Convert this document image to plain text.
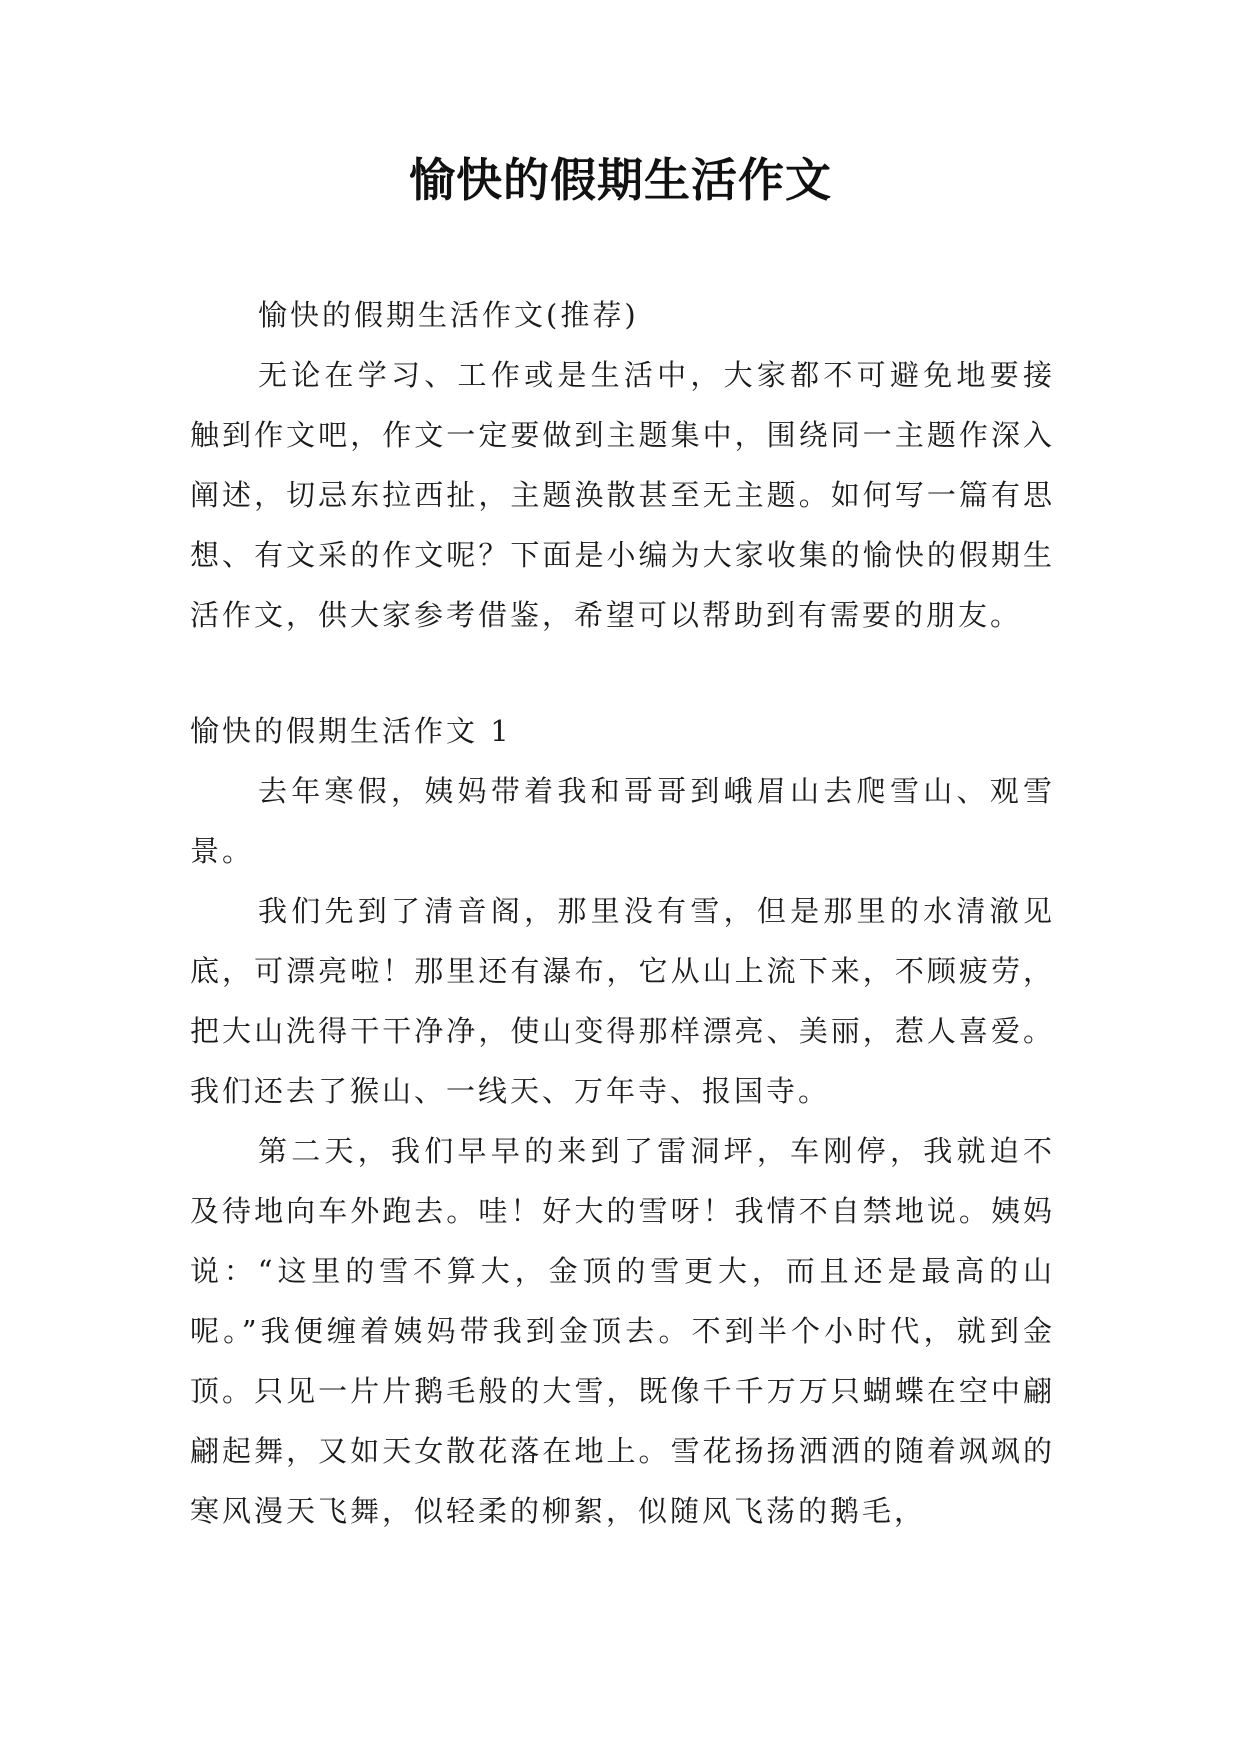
愉快的假期生活作文

愉快的假期生活作文(推荐)

无论在学习、工作或是生活中，大家都不可避免地要接触到作文吧，作文一定要做到主题集中，围绕同一主题作深入阐述，切忌东拉西扯，主题涣散甚至无主题。如何写一篇有思想、有文采的作文呢？下面是小编为大家收集的愉快的假期生活作文，供大家参考借鉴，希望可以帮助到有需要的朋友。

愉快的假期生活作文 1

去年寒假，姨妈带着我和哥哥到峨眉山去爬雪山、观雪景。

我们先到了清音阁，那里没有雪，但是那里的水清澈见底，可漂亮啦！那里还有瀑布，它从山上流下来，不顾疲劳，把大山洗得干干净净，使山变得那样漂亮、美丽，惹人喜爱。我们还去了猴山、一线天、万年寺、报国寺。

第二天，我们早早的来到了雷洞坪，车刚停，我就迫不及待地向车外跑去。哇！好大的雪呀！我情不自禁地说。姨妈说：“这里的雪不算大，金顶的雪更大，而且还是最高的山呢。”我便缠着姨妈带我到金顶去。不到半个小时代，就到金顶。只见一片片鹅毛般的大雪，既像千千万万只蝴蝶在空中翩翩起舞，又如天女散花落在地上。雪花扬扬洒洒的随着飒飒的寒风漫天飞舞，似轻柔的柳絮，似随风飞荡的鹅毛，
